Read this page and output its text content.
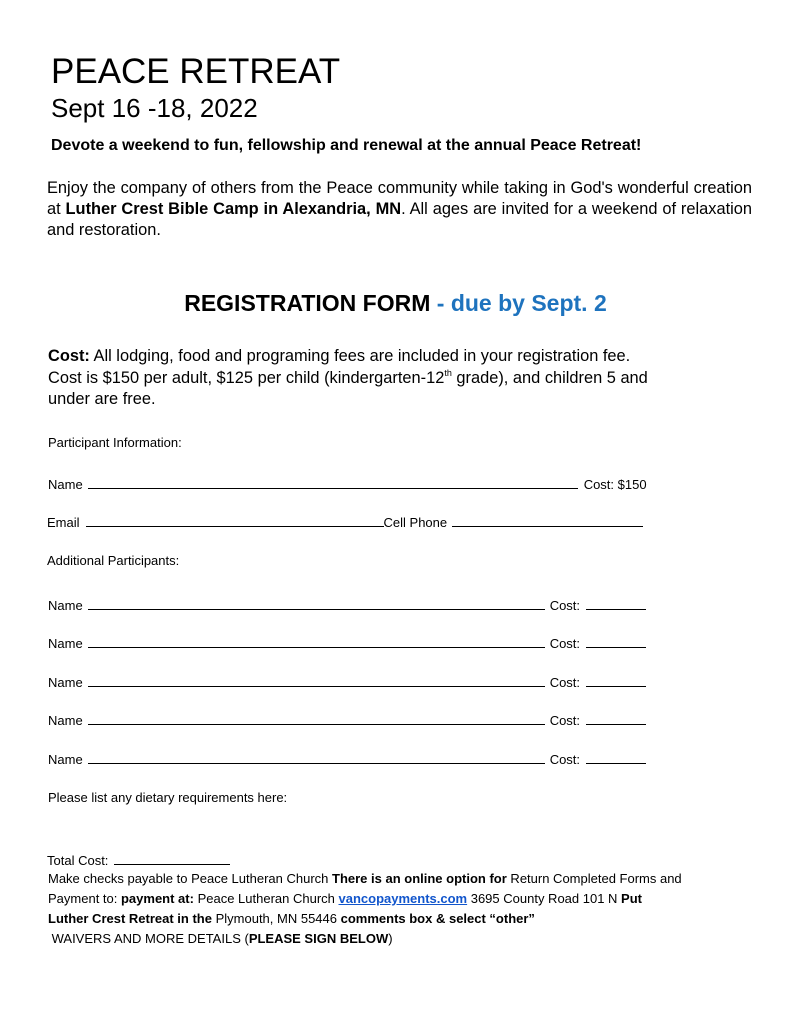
PEACE RETREAT
Sept 16 -18, 2022
Devote a weekend to fun, fellowship and renewal at the annual Peace Retreat!
Enjoy the company of others from the Peace community while taking in God's wonderful creation at Luther Crest Bible Camp in Alexandria, MN. All ages are invited for a weekend of relaxation and restoration.
REGISTRATION FORM - due by Sept. 2
Cost: All lodging, food and programing fees are included in your registration fee.
Cost is $150 per adult, $125 per child (kindergarten-12th grade), and children 5 and
under are free.
Participant Information:
Name	Cost: $150
Email	Cell Phone
Additional Participants:
Name	Cost:
Name	Cost:
Name	Cost:
Name	Cost:
Name	Cost:
Please list any dietary requirements here:
Total Cost:
Make checks payable to Peace Lutheran Church There is an online option for Return Completed Forms and
Payment to: payment at: Peace Lutheran Church vancopayments.com 3695 County Road 101 N Put
Luther Crest Retreat in the Plymouth, MN 55446 comments box & select “other”
WAIVERS AND MORE DETAILS (PLEASE SIGN BELOW)
